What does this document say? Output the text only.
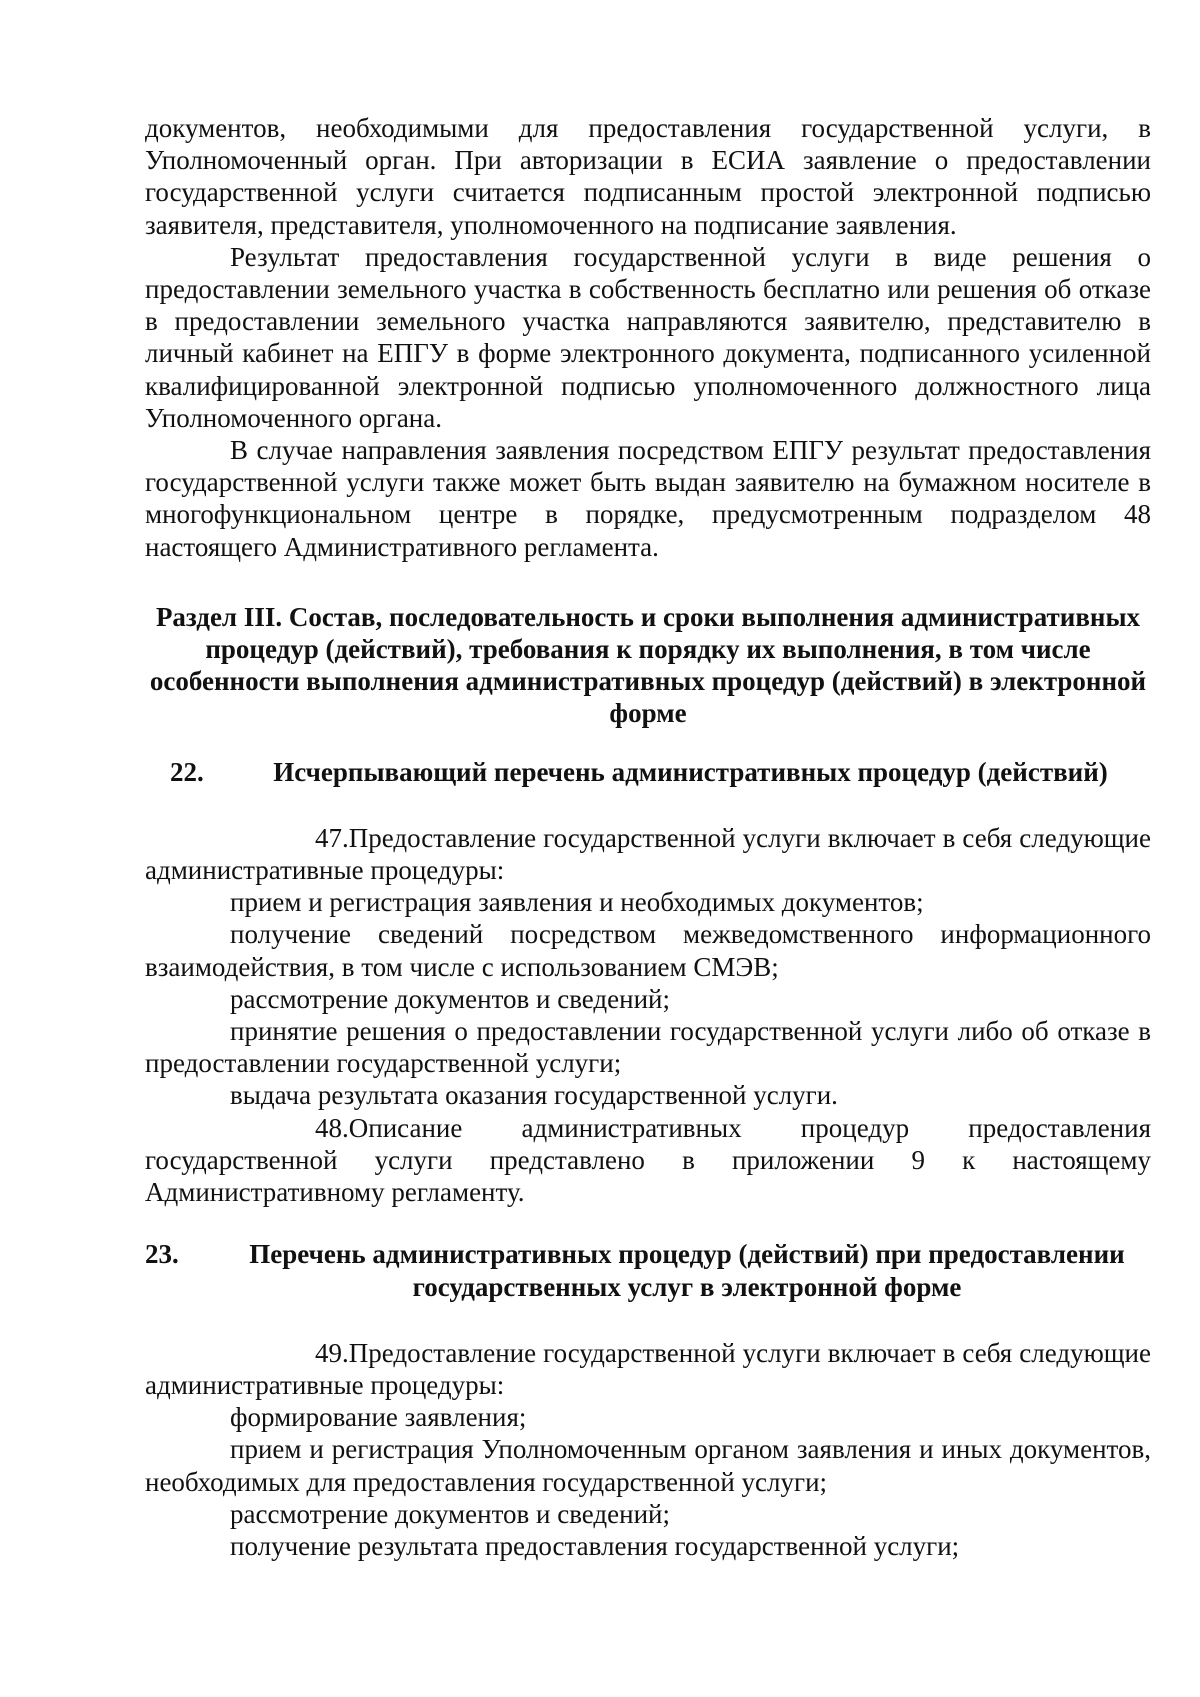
документов, необходимыми для предоставления государственной услуги, в Уполномоченный орган. При авторизации в ЕСИА заявление о предоставлении государственной услуги считается подписанным простой электронной подписью заявителя, представителя, уполномоченного на подписание заявления.

Результат предоставления государственной услуги в виде решения о предоставлении земельного участка в собственность бесплатно или решения об отказе в предоставлении земельного участка направляются заявителю, представителю в личный кабинет на ЕПГУ в форме электронного документа, подписанного усиленной квалифицированной электронной подписью уполномоченного должностного лица Уполномоченного органа.

В случае направления заявления посредством ЕПГУ результат предоставления государственной услуги также может быть выдан заявителю на бумажном носителе в многофункциональном центре в порядке, предусмотренным подразделом 48 настоящего Административного регламента.

Раздел III. Состав, последовательность и сроки выполнения административных процедур (действий), требования к порядку их выполнения, в том числе особенности выполнения административных процедур (действий) в электронной форме
22.	Исчерпывающий перечень административных процедур (действий)

47.Предоставление государственной услуги включает в себя следующие административные процедуры:

прием и регистрация заявления и необходимых документов;

получение сведений посредством межведомственного информационного взаимодействия, в том числе с использованием СМЭВ;

рассмотрение документов и сведений;

принятие решения о предоставлении государственной услуги либо об отказе в предоставлении государственной услуги;

выдача результата оказания государственной услуги.

48.Описание административных процедур предоставления государственной услуги представлено в приложении 9 к настоящему Административному регламенту.

23.	Перечень административных процедур (действий) при предоставлении государственных услуг в электронной форме

49.Предоставление государственной услуги включает в себя следующие административные процедуры:

формирование заявления;

прием и регистрация Уполномоченным органом заявления и иных документов, необходимых для предоставления государственной услуги;

рассмотрение документов и сведений;

получение результата предоставления государственной услуги;
